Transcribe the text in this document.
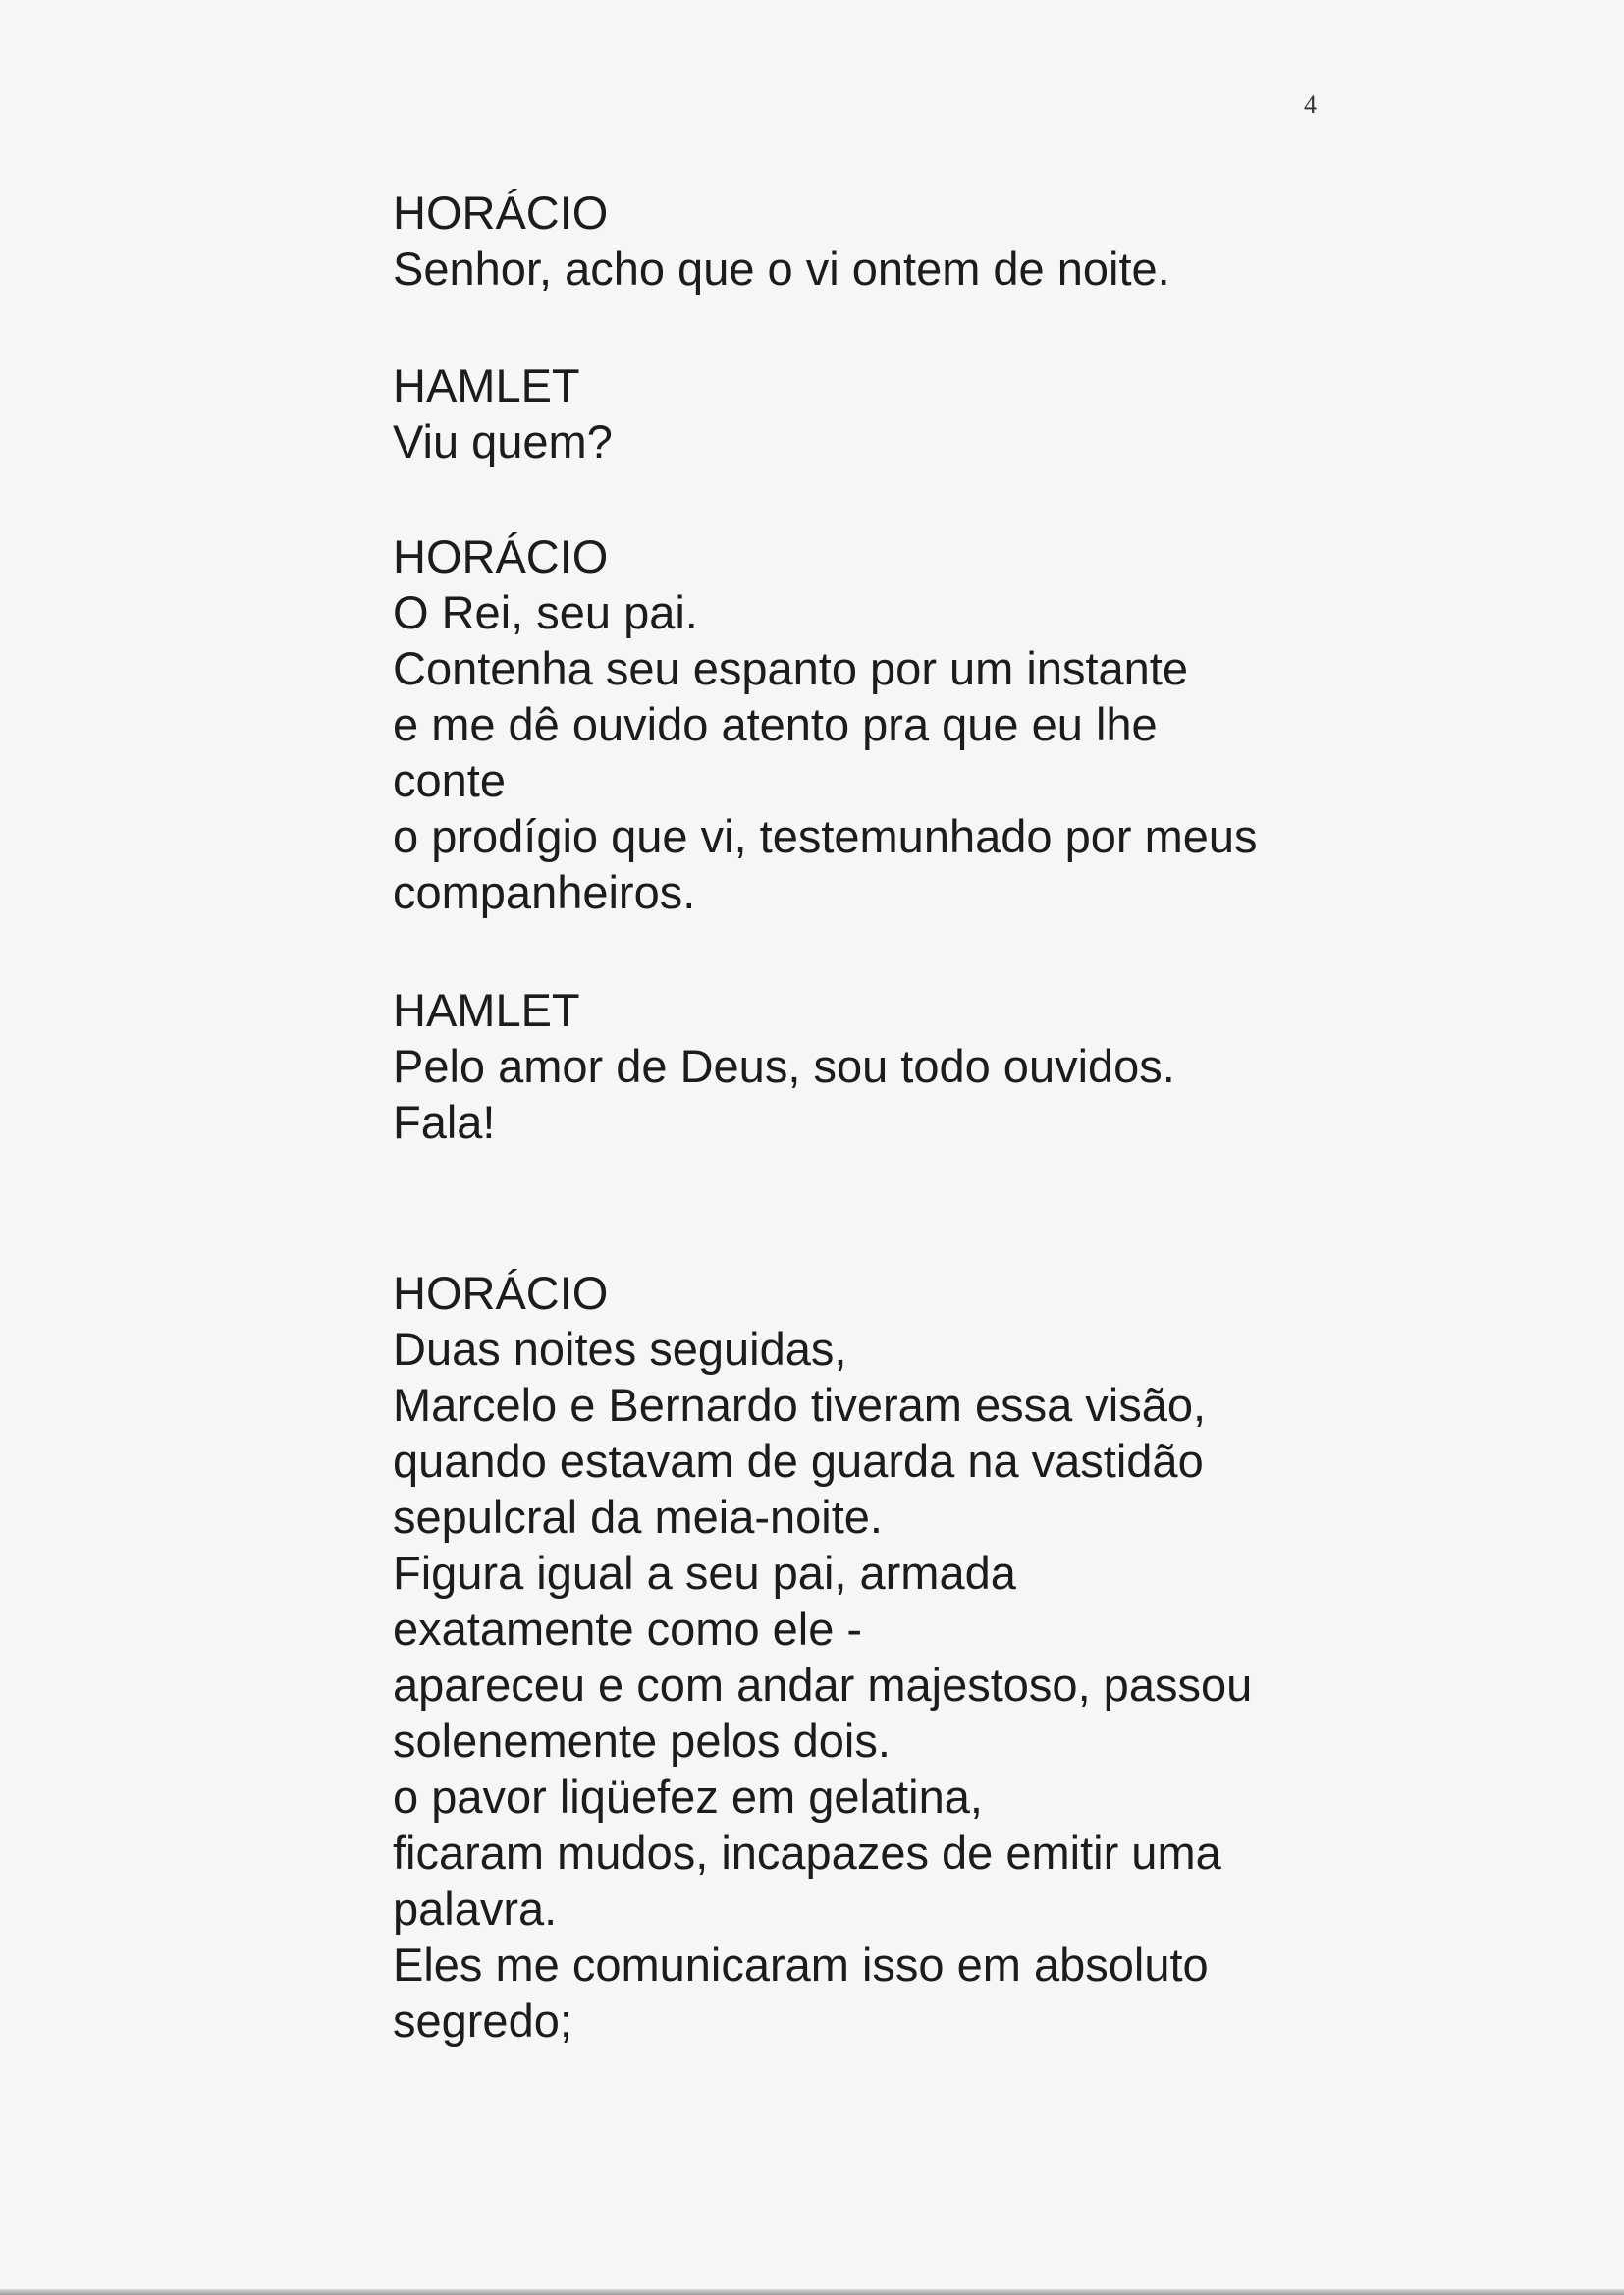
4
HORÁCIO
Senhor, acho que o vi ontem de noite.
HAMLET
Viu quem?
HORÁCIO
O Rei, seu pai.
Contenha seu espanto por um instante
e me dê ouvido atento pra que eu lhe
conte
o prodígio que vi, testemunhado por meus
companheiros.
HAMLET
Pelo amor de Deus, sou todo ouvidos.
Fala!
HORÁCIO
Duas noites seguidas,
Marcelo e Bernardo tiveram essa visão,
quando estavam de guarda na vastidão
sepulcral da meia-noite.
Figura igual a seu pai, armada
exatamente como ele -
apareceu e com andar majestoso, passou
solenemente pelos dois.
o pavor liqüefez em gelatina,
ficaram mudos, incapazes de emitir uma
palavra.
Eles me comunicaram isso em absoluto
segredo;
